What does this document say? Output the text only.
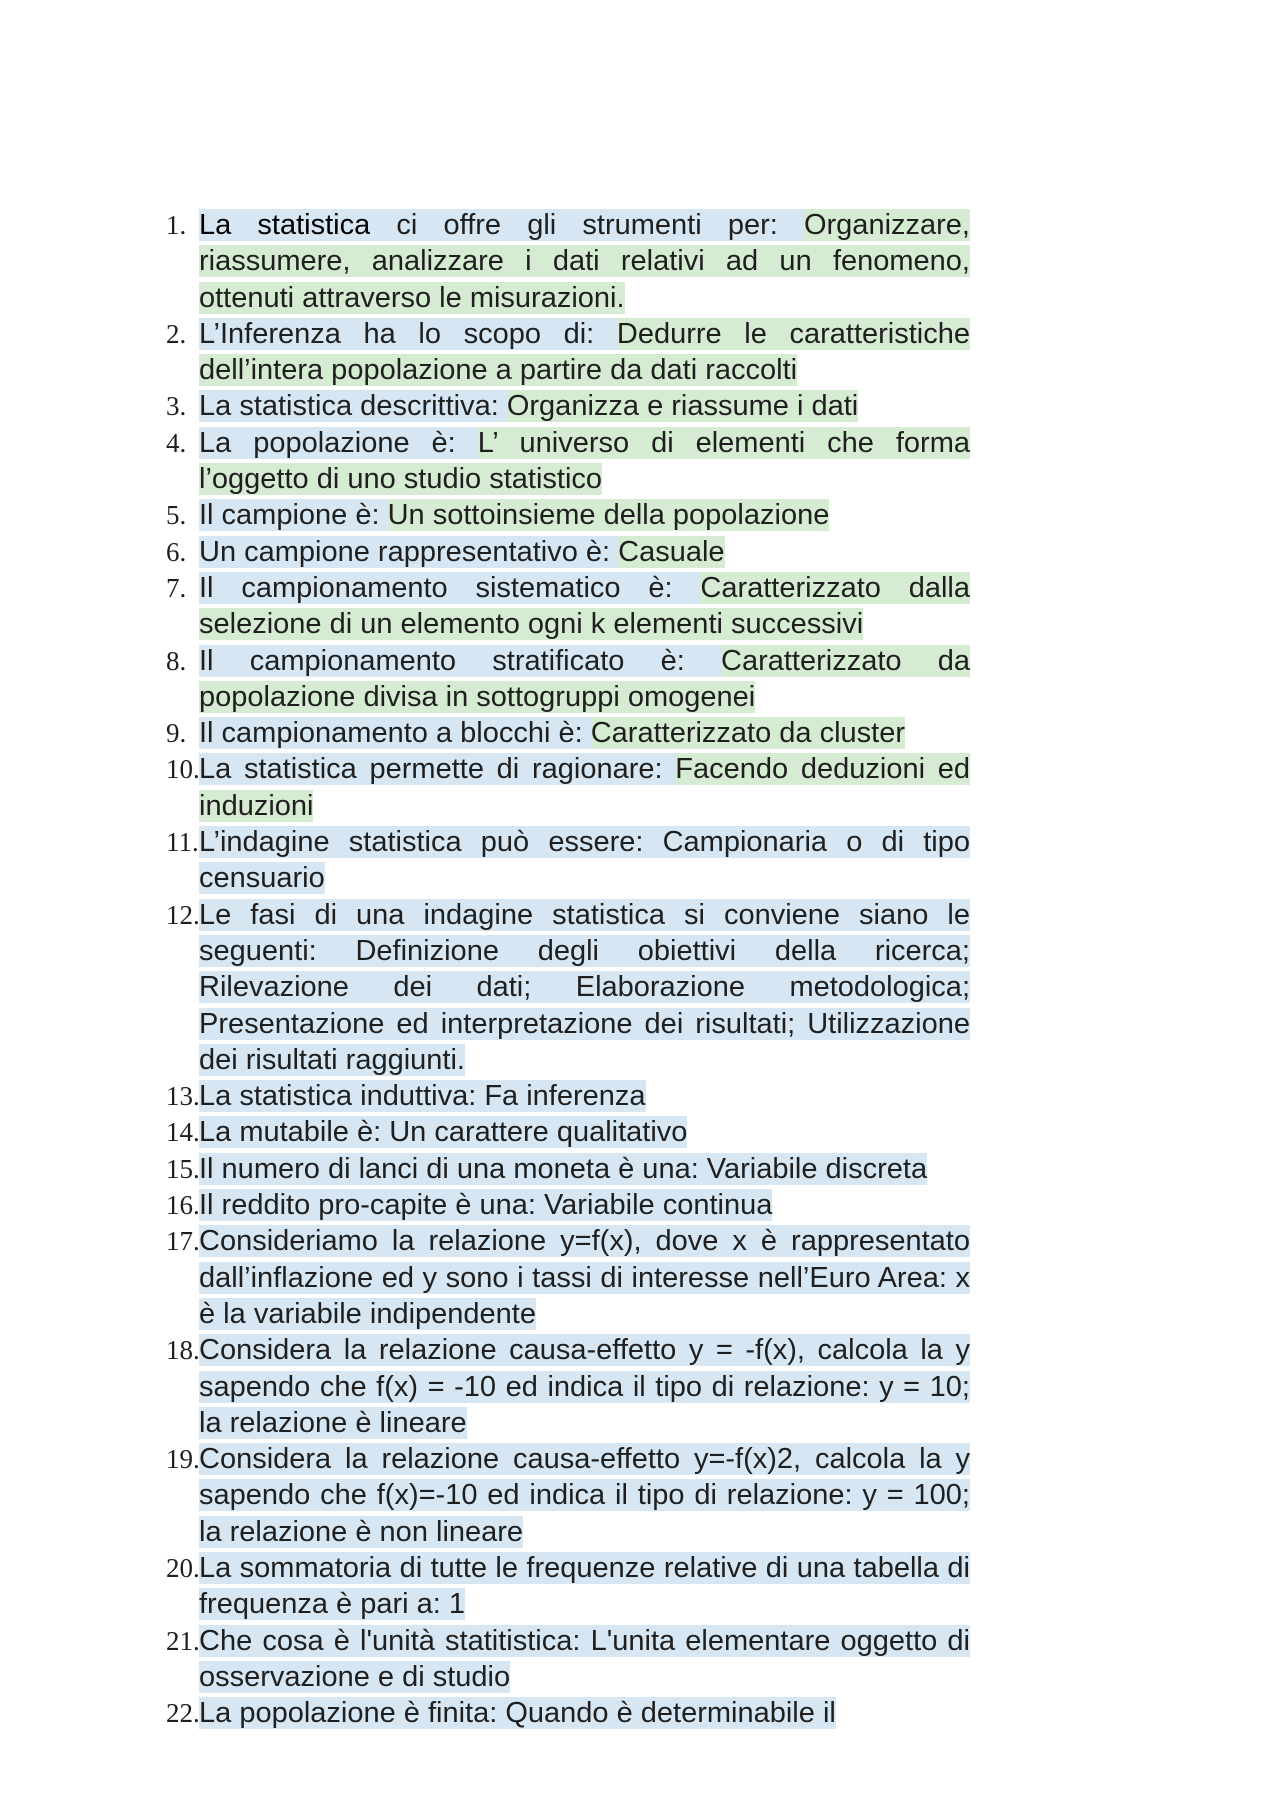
1. La statistica ci offre gli strumenti per: Organizzare, riassumere, analizzare i dati relativi ad un fenomeno, ottenuti attraverso le misurazioni.
2. L’Inferenza ha lo scopo di: Dedurre le caratteristiche dell’intera popolazione a partire da dati raccolti
3. La statistica descrittiva: Organizza e riassume i dati
4. La popolazione è: L’ universo di elementi che forma l’oggetto di uno studio statistico
5. Il campione è: Un sottoinsieme della popolazione
6. Un campione rappresentativo è: Casuale
7. Il campionamento sistematico è: Caratterizzato dalla selezione di un elemento ogni k elementi successivi
8. Il campionamento stratificato è: Caratterizzato da popolazione divisa in sottogruppi omogenei
9. Il campionamento a blocchi è: Caratterizzato da cluster
10. La statistica permette di ragionare: Facendo deduzioni ed induzioni
11. L’indagine statistica può essere: Campionaria o di tipo censuario
12. Le fasi di una indagine statistica si conviene siano le seguenti: Definizione degli obiettivi della ricerca; Rilevazione dei dati; Elaborazione metodologica; Presentazione ed interpretazione dei risultati; Utilizzazione dei risultati raggiunti.
13. La statistica induttiva: Fa inferenza
14. La mutabile è: Un carattere qualitativo
15. Il numero di lanci di una moneta è una: Variabile discreta
16. Il reddito pro-capite è una: Variabile continua
17. Consideriamo la relazione y=f(x), dove x è rappresentato dall’inflazione ed y sono i tassi di interesse nell’Euro Area: x è la variabile indipendente
18. Considera la relazione causa-effetto y = -f(x), calcola la y sapendo che f(x) = -10 ed indica il tipo di relazione: y = 10; la relazione è lineare
19. Considera la relazione causa-effetto y=-f(x)2, calcola la y sapendo che f(x)=-10 ed indica il tipo di relazione: y = 100; la relazione è non lineare
20. La sommatoria di tutte le frequenze relative di una tabella di frequenza è pari a: 1
21. Che cosa è l'unità statitistica: L'unita elementare oggetto di osservazione e di studio
22. La popolazione è finita: Quando è determinabile il
